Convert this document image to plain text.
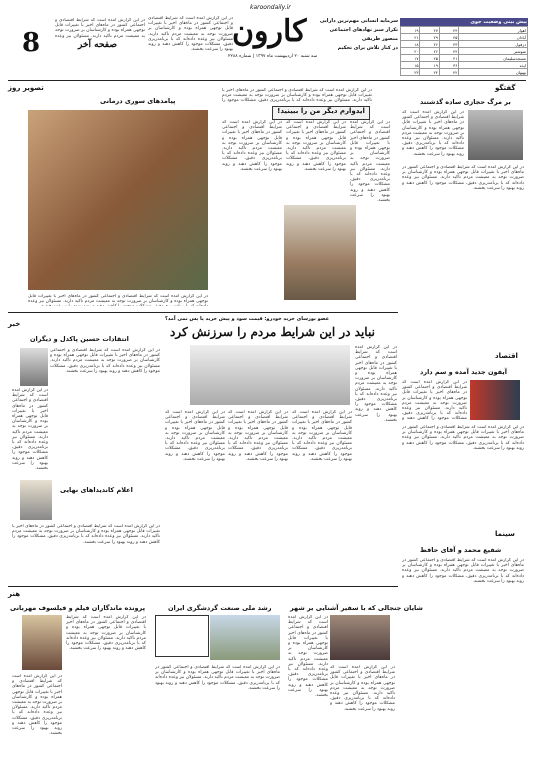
8	صفحه آخر
در این گزارش آمده است که شرایط اقتصادی و اجتماعی کشور در ماه‌های اخیر با تغییرات قابل توجهی همراه بوده و کارشناسان بر ضرورت توجه به معیشت مردم تاکید دارند. مسئولان نیز وعده
در این گزارش آمده است که شرایط اقتصادی و اجتماعی کشور در ماه‌های اخیر با تغییرات قابل توجهی همراه بوده و کارشناسان بر ضرورت توجه به معیشت مردم تاکید دارند. مسئولان نیز وعده داده‌اند که با برنامه‌ریزی دقیق، مشکلات موجود را کاهش دهند و روند بهبود را سرعت بخشند.
karoondaily.ir
کارون
سه شنبه ۲۰ اردیبهشت ماه ۱۳۹۷ | شماره ۲۲۸۸
سرمایه انسانی مهم‌ترین دارایی
تکرار سبز نهادهای اجتماعی
منصور ظریفی
در کنار تلاش برای تحکیم
پیش بینی وضعیت جوی
اهواز	۴۴	۲۷	۱۹
آبادان	۴۵	۲۹	۲۱
دزفول	۴۳	۲۶	۱۸
شوشتر	۴۴	۲۶	۲۰
مسجدسلیمان	۴۱	۲۵	۱۷
ایذه	۳۶	۱۹	۱۵
بهبهان	۴۲	۲۴	۲۳
تصویر روز
پیامدهای سوری درمانی
در این گزارش آمده است که شرایط اقتصادی و اجتماعی کشور در ماه‌های اخیر با تغییرات قابل توجهی همراه بوده و کارشناسان بر ضرورت توجه به معیشت مردم تاکید دارند. مسئولان نیز وعده
در این گزارش آمده است که شرایط اقتصادی و اجتماعی کشور در ماه‌های اخیر با تغییرات قابل توجهی همراه بوده و کارشناسان بر ضرورت توجه به معیشت مردم تاکید دارند. مسئولان نیز وعده داده‌اند که با برنامه‌ریزی دقیق، مشکلات موجود را
ایدوارم دیگر من را ببینید!
در این گزارش آمده است که شرایط اقتصادی و اجتماعی کشور در ماه‌های اخیر با تغییرات قابل توجهی همراه بوده و کارشناسان بر ضرورت توجه به معیشت مردم تاکید دارند. مسئولان نیز وعده داده‌اند که با برنامه‌ریزی دقیق، مشکلات موجود را کاهش دهند و روند بهبود را سرعت بخشند.
در این گزارش آمده است که شرایط اقتصادی و اجتماعی کشور در ماه‌های اخیر با تغییرات قابل توجهی همراه بوده و کارشناسان بر ضرورت توجه به معیشت مردم تاکید دارند. مسئولان نیز وعده داده‌اند که با برنامه‌ریزی دقیق، مشکلات موجود را کاهش دهند و روند بهبود را سرعت بخشند.
در این گزارش آمده است که شرایط اقتصادی و اجتماعی کشور در ماه‌های اخیر با تغییرات قابل توجهی همراه بوده و کارشناسان بر ضرورت توجه به معیشت مردم تاکید دارند. مسئولان نیز وعده داده‌اند که با برنامه‌ریزی دقیق، مشکلات موجود را کاهش دهند و روند بهبود را سرعت بخشند.
گفتگو
بر مرگ حجازی ساده گذشتند
در این گزارش آمده است که شرایط اقتصادی و اجتماعی کشور در ماه‌های اخیر با تغییرات قابل توجهی همراه بوده و کارشناسان بر ضرورت توجه به معیشت مردم تاکید دارند. مسئولان نیز وعده داده‌اند که با برنامه‌ریزی دقیق، مشکلات موجود را کاهش دهند و روند بهبود را سرعت بخشند.
در این گزارش آمده است که شرایط اقتصادی و اجتماعی کشور در ماه‌های اخیر با تغییرات قابل توجهی همراه بوده و کارشناسان بر ضرورت توجه به معیشت مردم تاکید دارند. مسئولان نیز وعده داده‌اند که با برنامه‌ریزی دقیق، مشکلات موجود را کاهش دهند و روند بهبود را سرعت بخشند.
عضو بورسای خرید خودرو: قیمت سود و پیش خرید یا پس نمی آمد؟
نباید در این شرایط مردم را سرزنش کرد
خبر
انتقادات حسین پاکدل و دیگران
در این گزارش آمده است که شرایط اقتصادی و اجتماعی کشور در ماه‌های اخیر با تغییرات قابل توجهی همراه بوده و کارشناسان بر ضرورت توجه به معیشت مردم تاکید دارند. مسئولان نیز وعده داده‌اند که با برنامه‌ریزی دقیق، مشکلات موجود را کاهش دهند و روند بهبود را سرعت بخشند.
در این گزارش آمده است که شرایط اقتصادی و اجتماعی کشور در ماه‌های اخیر با تغییرات قابل توجهی همراه بوده و کارشناسان بر ضرورت توجه به معیشت مردم تاکید دارند. مسئولان نیز وعده داده‌اند که با برنامه‌ریزی دقیق، مشکلات موجود را کاهش دهند و روند بهبود را سرعت بخشند.
اعلام کاندیداهای نهایی
در این گزارش آمده است که شرایط اقتصادی و اجتماعی کشور در ماه‌های اخیر با تغییرات قابل توجهی همراه بوده و کارشناسان بر ضرورت توجه به معیشت مردم تاکید دارند. مسئولان نیز وعده داده‌اند که با برنامه‌ریزی دقیق، مشکلات موجود را کاهش دهند و روند بهبود را سرعت بخشند.
در این گزارش آمده است که شرایط اقتصادی و اجتماعی کشور در ماه‌های اخیر با تغییرات قابل توجهی همراه بوده و کارشناسان بر ضرورت توجه به معیشت مردم تاکید دارند. مسئولان نیز وعده داده‌اند که با برنامه‌ریزی دقیق، مشکلات موجود را کاهش دهند و روند بهبود را سرعت بخشند.
در این گزارش آمده است که شرایط اقتصادی و اجتماعی کشور در ماه‌های اخیر با تغییرات قابل توجهی همراه بوده و کارشناسان بر ضرورت توجه به معیشت مردم تاکید دارند. مسئولان نیز وعده داده‌اند که با برنامه‌ریزی دقیق، مشکلات موجود را کاهش دهند و روند بهبود را سرعت بخشند.
در این گزارش آمده است که شرایط اقتصادی و اجتماعی کشور در ماه‌های اخیر با تغییرات قابل توجهی همراه بوده و کارشناسان بر ضرورت توجه به معیشت مردم تاکید دارند. مسئولان نیز وعده داده‌اند که با برنامه‌ریزی دقیق، مشکلات موجود را کاهش دهند و روند بهبود را سرعت بخشند.
در این گزارش آمده است که شرایط اقتصادی و اجتماعی کشور در ماه‌های اخیر با تغییرات قابل توجهی همراه بوده و کارشناسان بر ضرورت توجه به معیشت مردم تاکید دارند. مسئولان نیز وعده داده‌اند که با برنامه‌ریزی دقیق، مشکلات موجود را کاهش دهند و روند بهبود را سرعت بخشند.
اقتصاد
آیفون جدید آمده و سم دارد
در این گزارش آمده است که شرایط اقتصادی و اجتماعی کشور در ماه‌های اخیر با تغییرات قابل توجهی همراه بوده و کارشناسان بر ضرورت توجه به معیشت مردم تاکید دارند. مسئولان نیز وعده داده‌اند که با برنامه‌ریزی دقیق، مشکلات موجود را کاهش دهند و
در این گزارش آمده است که شرایط اقتصادی و اجتماعی کشور در ماه‌های اخیر با تغییرات قابل توجهی همراه بوده و کارشناسان بر ضرورت توجه به معیشت مردم تاکید دارند. مسئولان نیز وعده داده‌اند که با برنامه‌ریزی دقیق، مشکلات موجود را کاهش دهند و روند بهبود را سرعت بخشند.
سینما
شفیع محمد و آقای حافظ
در این گزارش آمده است که شرایط اقتصادی و اجتماعی کشور در ماه‌های اخیر با تغییرات قابل توجهی همراه بوده و کارشناسان بر ضرورت توجه به معیشت مردم تاکید دارند. مسئولان نیز وعده داده‌اند که با برنامه‌ریزی دقیق، مشکلات موجود را کاهش دهند و روند بهبود را سرعت بخشند.
هنر
پرونده ماندگاران فیلم و فیلسوف مهربانی
در این گزارش آمده است که شرایط اقتصادی و اجتماعی کشور در ماه‌های اخیر با تغییرات قابل توجهی همراه بوده و کارشناسان بر ضرورت توجه به معیشت مردم تاکید دارند. مسئولان نیز وعده داده‌اند که با برنامه‌ریزی دقیق، مشکلات موجود را کاهش دهند و روند بهبود را سرعت بخشند.
در این گزارش آمده است که شرایط اقتصادی و اجتماعی کشور در ماه‌های اخیر با تغییرات قابل توجهی همراه بوده و کارشناسان بر ضرورت توجه به معیشت مردم تاکید دارند. مسئولان نیز وعده داده‌اند که با برنامه‌ریزی دقیق، مشکلات موجود را کاهش دهند و روند بهبود را سرعت بخشند.
رشد ملی صنعت گردشگری ایران
در این گزارش آمده است که شرایط اقتصادی و اجتماعی کشور در ماه‌های اخیر با تغییرات قابل توجهی همراه بوده و کارشناسان بر ضرورت توجه به معیشت مردم تاکید دارند. مسئولان نیز وعده داده‌اند که با برنامه‌ریزی دقیق، مشکلات موجود را کاهش دهند و روند بهبود را سرعت بخشند.
شایان جنجالی که با سفیر آشنایی بر شهر
در این گزارش آمده است که شرایط اقتصادی و اجتماعی کشور در ماه‌های اخیر با تغییرات قابل توجهی همراه بوده و کارشناسان بر ضرورت توجه به معیشت مردم تاکید دارند. مسئولان نیز وعده داده‌اند که با برنامه‌ریزی دقیق، مشکلات موجود را کاهش دهند و روند بهبود را سرعت بخشند.
در این گزارش آمده است که شرایط اقتصادی و اجتماعی کشور در ماه‌های اخیر با تغییرات قابل توجهی همراه بوده و کارشناسان بر ضرورت توجه به معیشت مردم تاکید دارند. مسئولان نیز وعده داده‌اند که با برنامه‌ریزی دقیق، مشکلات موجود را کاهش دهند و روند بهبود را سرعت بخشند.
